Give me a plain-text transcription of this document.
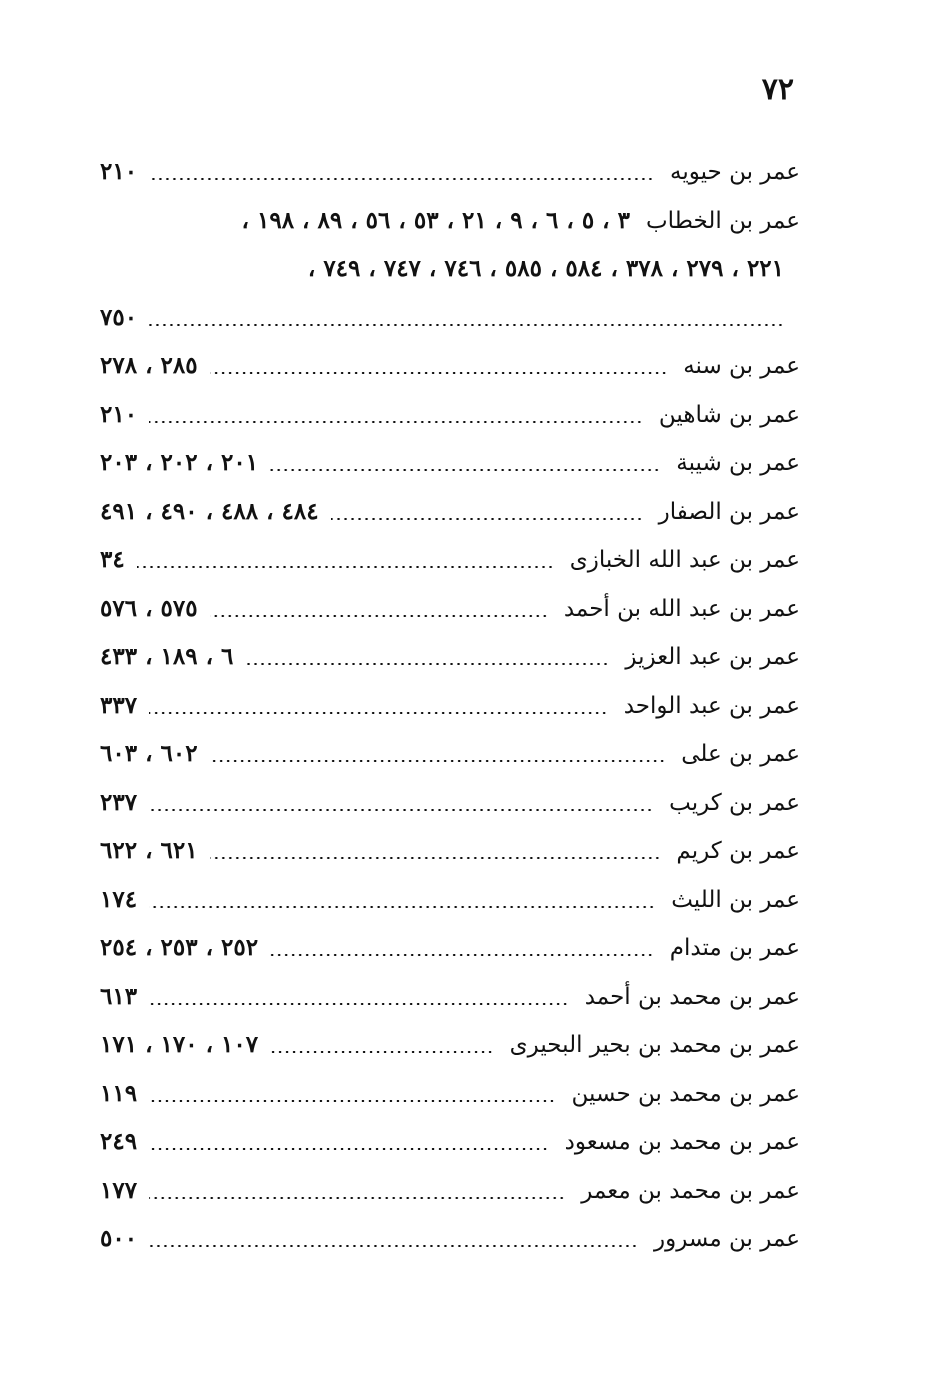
٧٢
عمر بن حيويه
٢١٠
عمر بن الخطاب
٣ ، ٥ ، ٦ ، ٩ ، ٢١ ، ٥٣ ، ٥٦ ، ٨٩ ، ١٩٨ ،
٢٢١ ، ٢٧٩ ، ٣٧٨ ، ٥٨٤ ، ٥٨٥ ، ٧٤٦ ، ٧٤٧ ، ٧٤٩ ،
٧٥٠
عمر بن سنه
٢٨٥ ، ٢٧٨
عمر بن شاهين
٢١٠
عمر بن شيبة
٢٠١ ، ٢٠٢ ، ٢٠٣
عمر بن الصفار
٤٨٤ ، ٤٨٨ ، ٤٩٠ ، ٤٩١
عمر بن عبد الله الخبازى
٣٤
عمر بن عبد الله بن أحمد
٥٧٥ ، ٥٧٦
عمر بن عبد العزيز
٦ ، ١٨٩ ، ٤٣٣
عمر بن عبد الواحد
٣٣٧
عمر بن على
٦٠٢ ، ٦٠٣
عمر بن كريب
٢٣٧
عمر بن كريم
٦٢١ ، ٦٢٢
عمر بن الليث
١٧٤
عمر بن متدام
٢٥٢ ، ٢٥٣ ، ٢٥٤
عمر بن محمد بن أحمد
٦١٣
عمر بن محمد بن بحير البحيرى
١٠٧ ، ١٧٠ ، ١٧١
عمر بن محمد بن حسين
١١٩
عمر بن محمد بن مسعود
٢٤٩
عمر بن محمد بن معمر
١٧٧
عمر بن مسرور
٥٠٠
